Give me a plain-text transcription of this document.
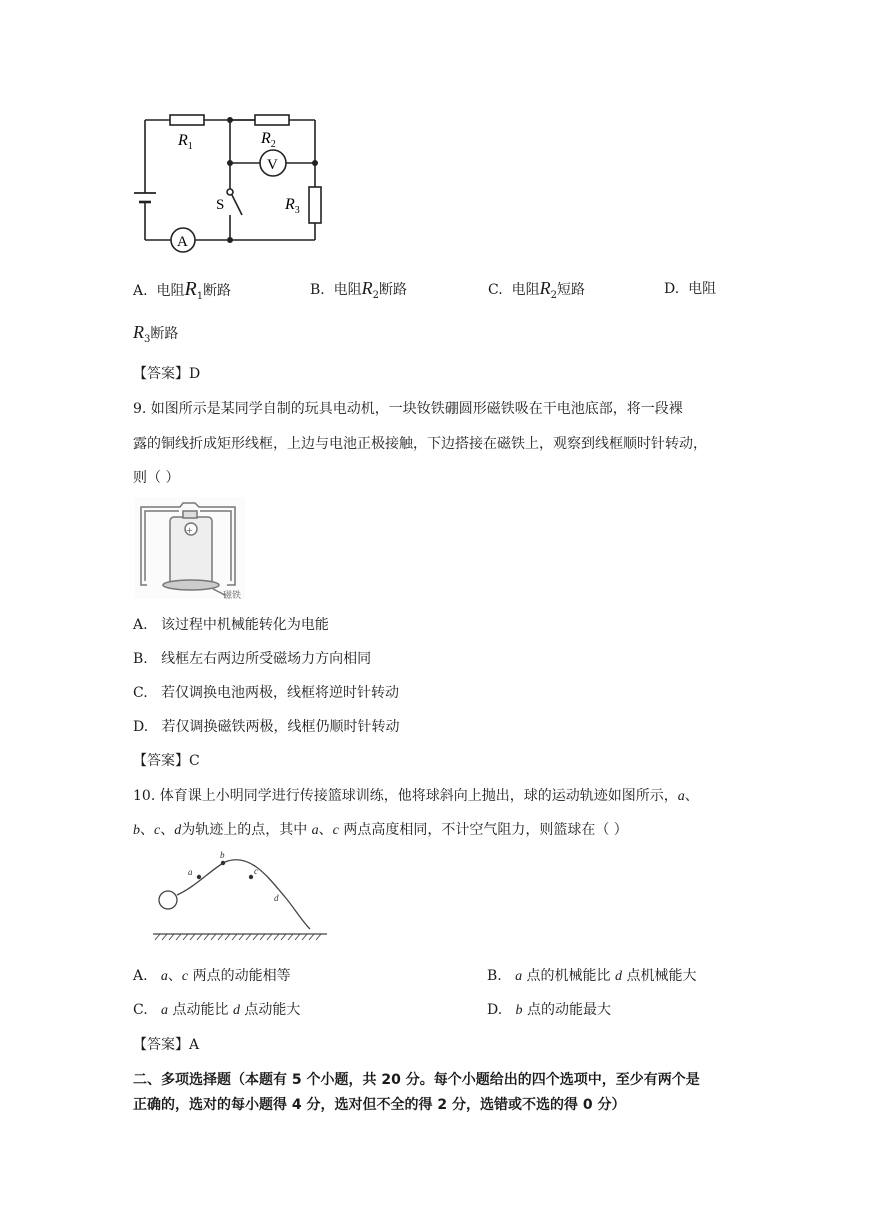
$R_1$	$R_2$
$R_3$
V
A
S
A. 电阻$R_1$断路	B. 电阻$R_2$断路	C. 电阻$R_2$短路	D. 电阻
$R_3$断路
【答案】D
9. 如图所示是某同学自制的玩具电动机，一块钕铁硼圆形磁铁吸在干电池底部，将一段裸
露的铜线折成矩形线框，上边与电池正极接触，下边搭接在磁铁上，观察到线框顺时针转动，
则（ ）
+
磁铁
A. 该过程中机械能转化为电能
B. 线框左右两边所受磁场力方向相同
C. 若仅调换电池两极，线框将逆时针转动
D. 若仅调换磁铁两极，线框仍顺时针转动
【答案】C
10. 体育课上小明同学进行传接篮球训练，他将球斜向上抛出，球的运动轨迹如图所示，a、
b、c、d为轨迹上的点，其中 a、c 两点高度相同，不计空气阻力，则篮球在（ ）
a
b
c
d
A. a、c 两点的动能相等	B. a 点的机械能比 d 点机械能大
C. a 点动能比 d 点动能大	D. b 点的动能最大
【答案】A
二、多项选择题（本题有 5 个小题，共 20 分。每个小题给出的四个选项中，至少有两个是
正确的，选对的每小题得 4 分，选对但不全的得 2 分，选错或不选的得 0 分）
